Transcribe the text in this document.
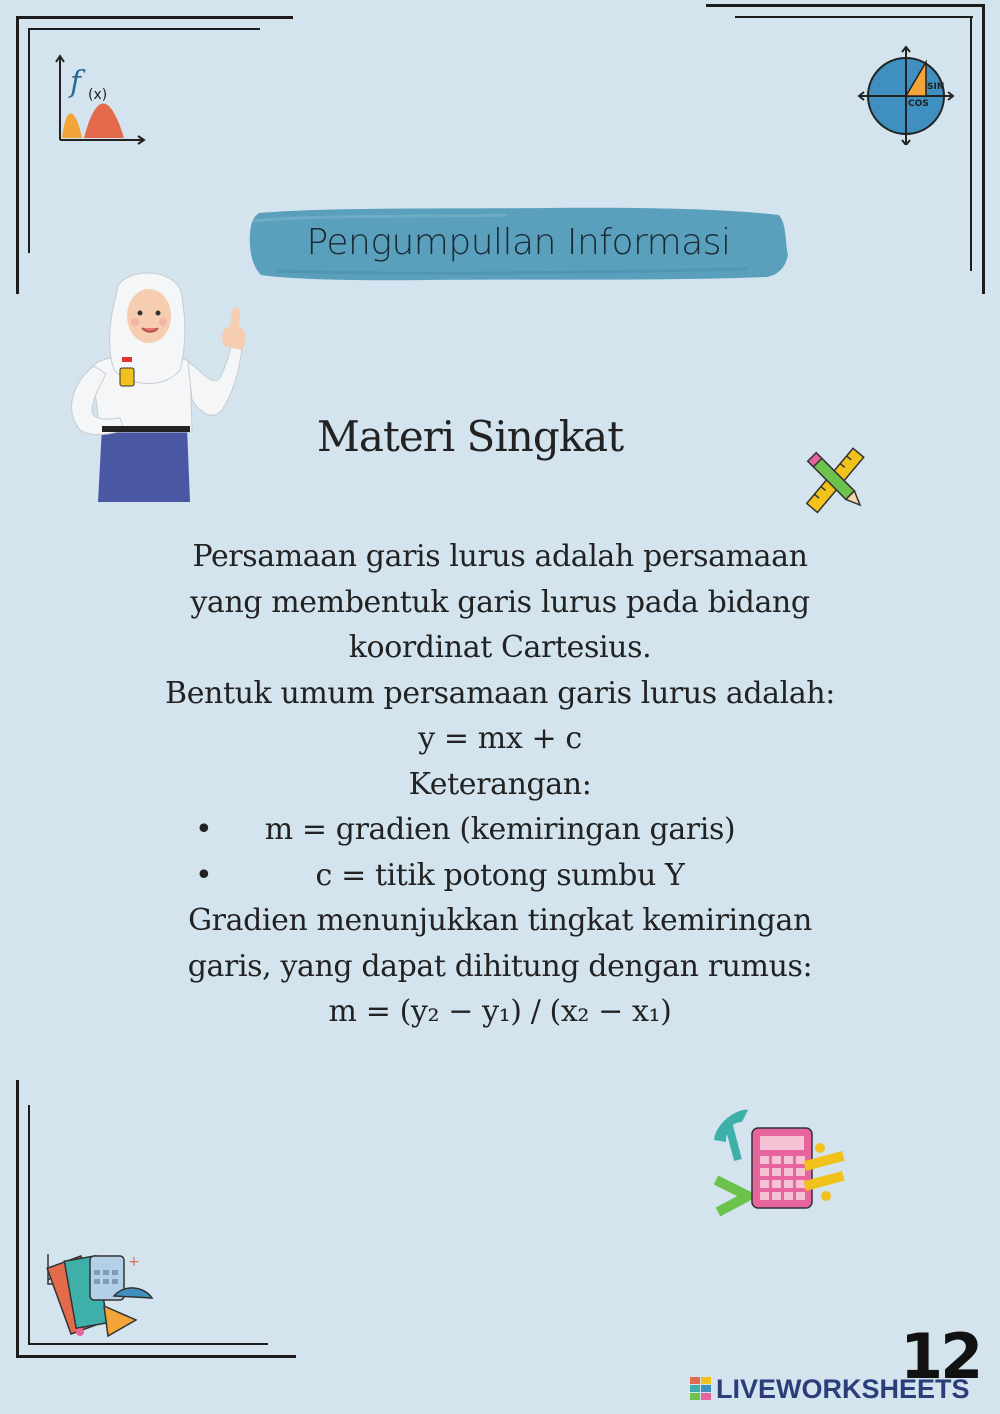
f (x)	SIN
COS
Pengumpullan Informasi
Materi Singkat

Persamaan garis lurus adalah persamaan

yang membentuk garis lurus pada bidang

koordinat Cartesius.

Bentuk umum persamaan garis lurus adalah:

y = mx + c

Keterangan:

• m = gradien (kemiringan garis)

•	c = titik potong sumbu Y

Gradien menunjukkan tingkat kemiringan

garis, yang dapat dihitung dengan rumus:

m = (y₂ − y₁) / (x₂ − x₁)

+
12
LIVEWORKSHEETS
